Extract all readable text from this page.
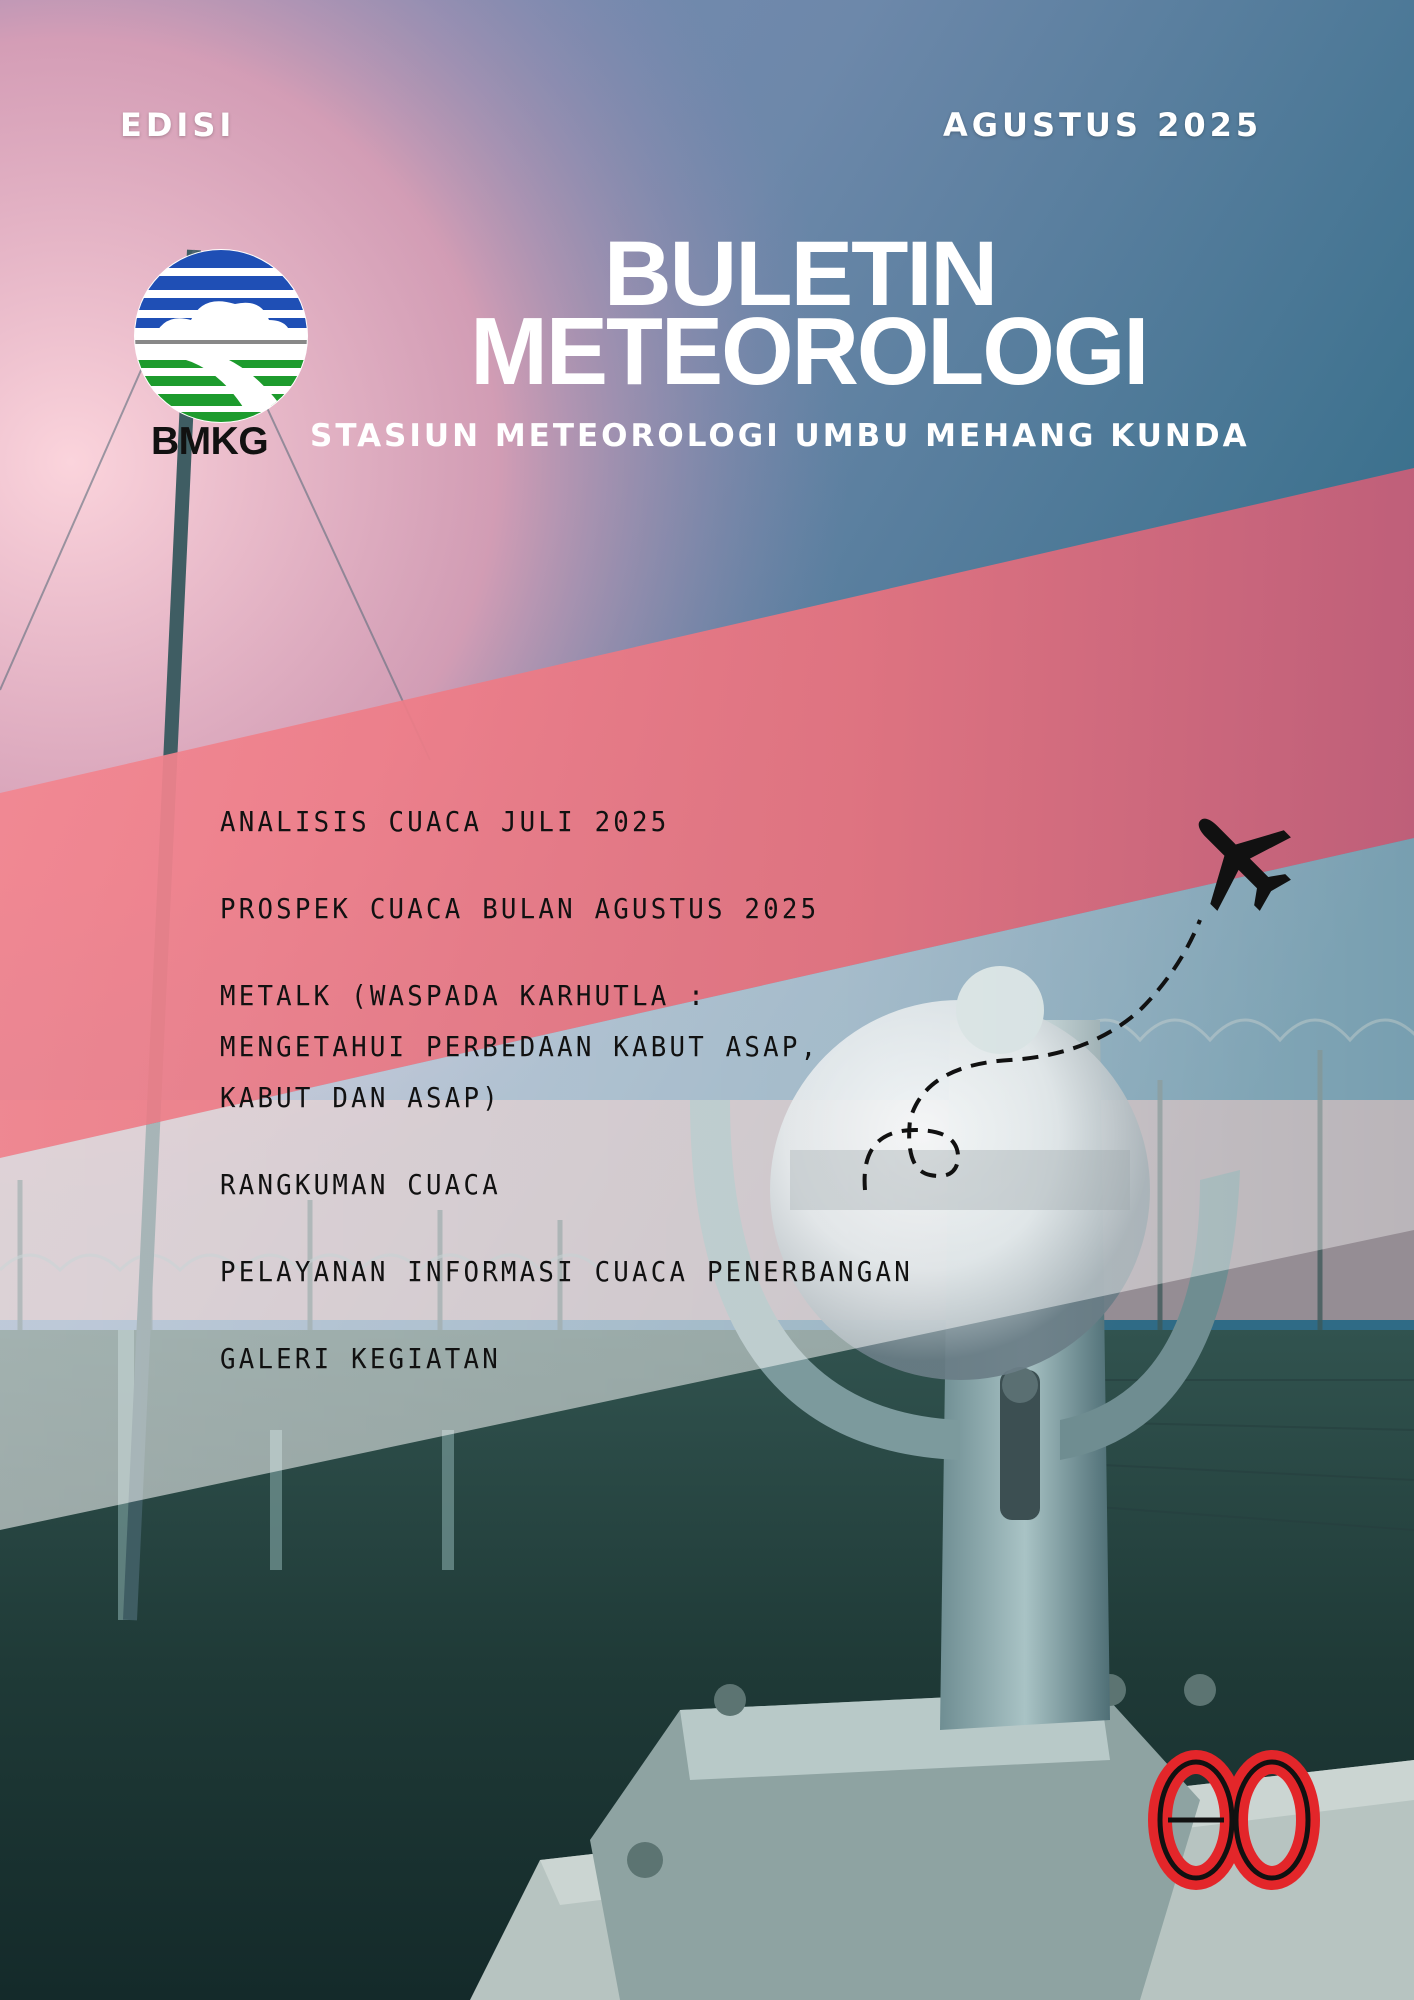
EDISI	AGUSTUS 2025
BMKG
BULETIN
METEOROLOGI
STASIUN METEOROLOGI UMBU MEHANG KUNDA
ANALISIS CUACA JULI 2025
PROSPEK CUACA BULAN AGUSTUS 2025
METALK (WASPADA KARHUTLA : MENGETAHUI PERBEDAAN KABUT ASAP, KABUT DAN ASAP)
RANGKUMAN CUACA
PELAYANAN INFORMASI CUACA PENERBANGAN
GALERI KEGIATAN
